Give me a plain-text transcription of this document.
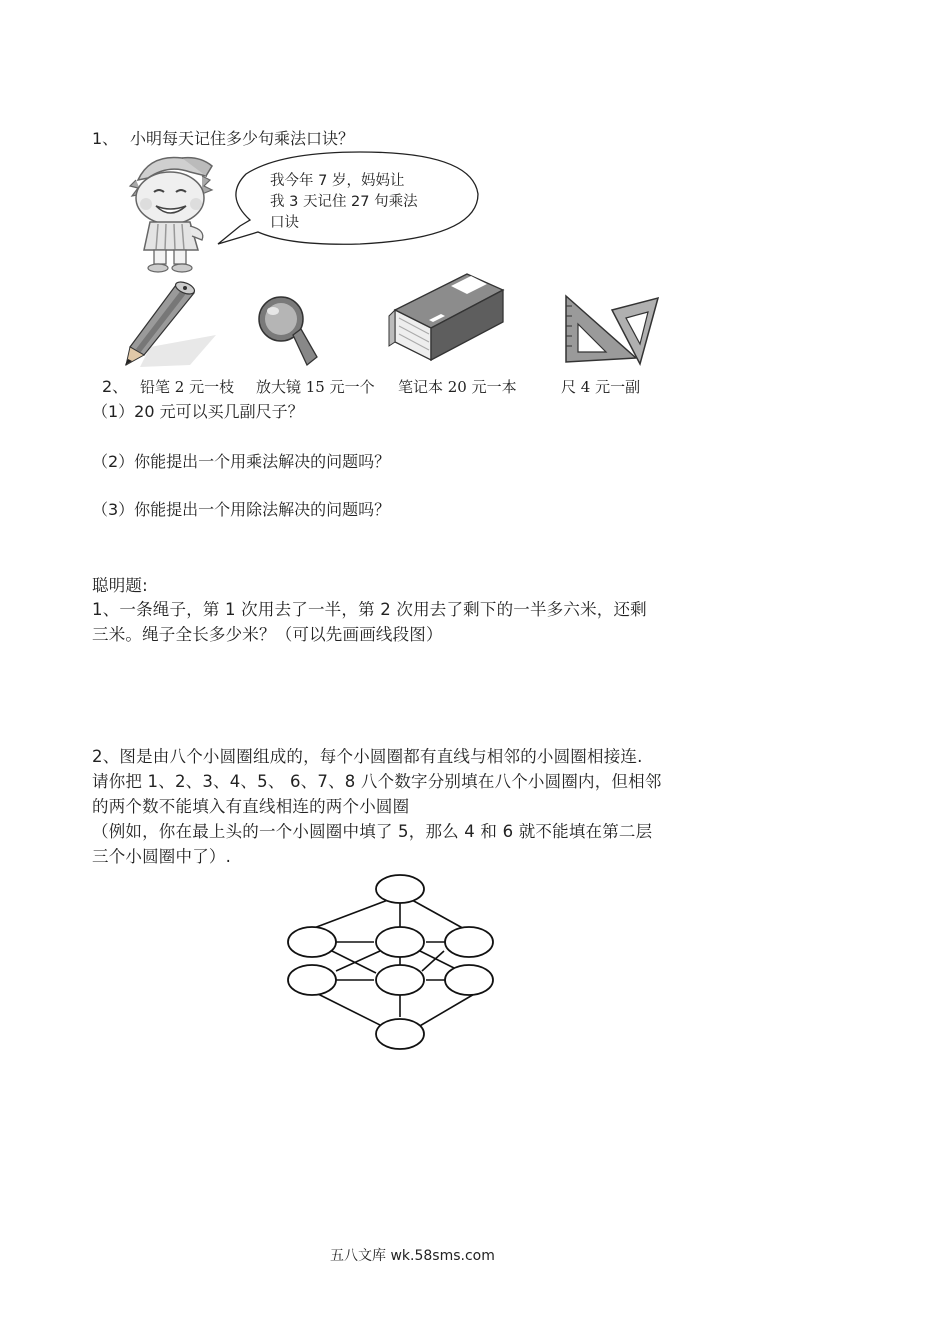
1、 小明每天记住多少句乘法口诀？
我今年 7 岁，妈妈让
我 3 天记住 27 句乘法
口诀
2、 铅笔 2 元一枝 放大镜 15 元一个 笔记本 20 元一本	尺 4 元一副
（1）20 元可以买几副尺子？
（2）你能提出一个用乘法解决的问题吗？
（3）你能提出一个用除法解决的问题吗？
聪明题:
1、一条绳子，第 1 次用去了一半，第 2 次用去了剩下的一半多六米，还剩
三米。绳子全长多少米？（可以先画画线段图）
2、图是由八个小圆圈组成的，每个小圆圈都有直线与相邻的小圆圈相接连.
请你把 1、2、3、4、5、 6、7、8 八个数字分别填在八个小圆圈内，但相邻
的两个数不能填入有直线相连的两个小圆圈
（例如，你在最上头的一个小圆圈中填了 5，那么 4 和 6 就不能填在第二层
三个小圆圈中了）.
五八文库 wk.58sms.com
